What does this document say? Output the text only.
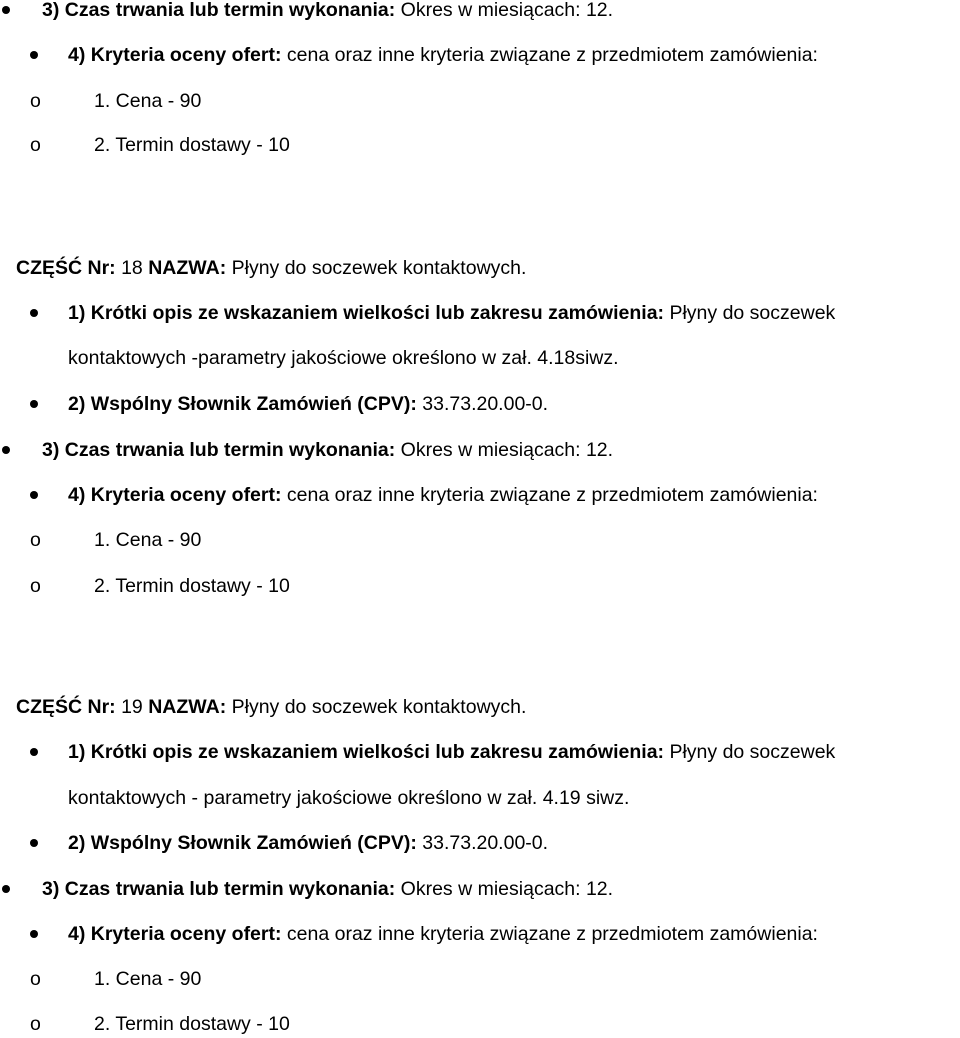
3) Czas trwania lub termin wykonania: Okres w miesiącach: 12.
4) Kryteria oceny ofert: cena oraz inne kryteria związane z przedmiotem zamówienia:
o	1. Cena - 90
o	2. Termin dostawy - 10
CZĘŚĆ Nr: 18 NAZWA: Płyny do soczewek kontaktowych.
1) Krótki opis ze wskazaniem wielkości lub zakresu zamówienia: Płyny do soczewek
kontaktowych -parametry jakościowe określono w zał. 4.18siwz.
2) Wspólny Słownik Zamówień (CPV): 33.73.20.00-0.
3) Czas trwania lub termin wykonania: Okres w miesiącach: 12.
4) Kryteria oceny ofert: cena oraz inne kryteria związane z przedmiotem zamówienia:
o	1. Cena - 90
o	2. Termin dostawy - 10
CZĘŚĆ Nr: 19 NAZWA: Płyny do soczewek kontaktowych.
1) Krótki opis ze wskazaniem wielkości lub zakresu zamówienia: Płyny do soczewek
kontaktowych - parametry jakościowe określono w zał. 4.19 siwz.
2) Wspólny Słownik Zamówień (CPV): 33.73.20.00-0.
3) Czas trwania lub termin wykonania: Okres w miesiącach: 12.
4) Kryteria oceny ofert: cena oraz inne kryteria związane z przedmiotem zamówienia:
o	1. Cena - 90
o	2. Termin dostawy - 10
